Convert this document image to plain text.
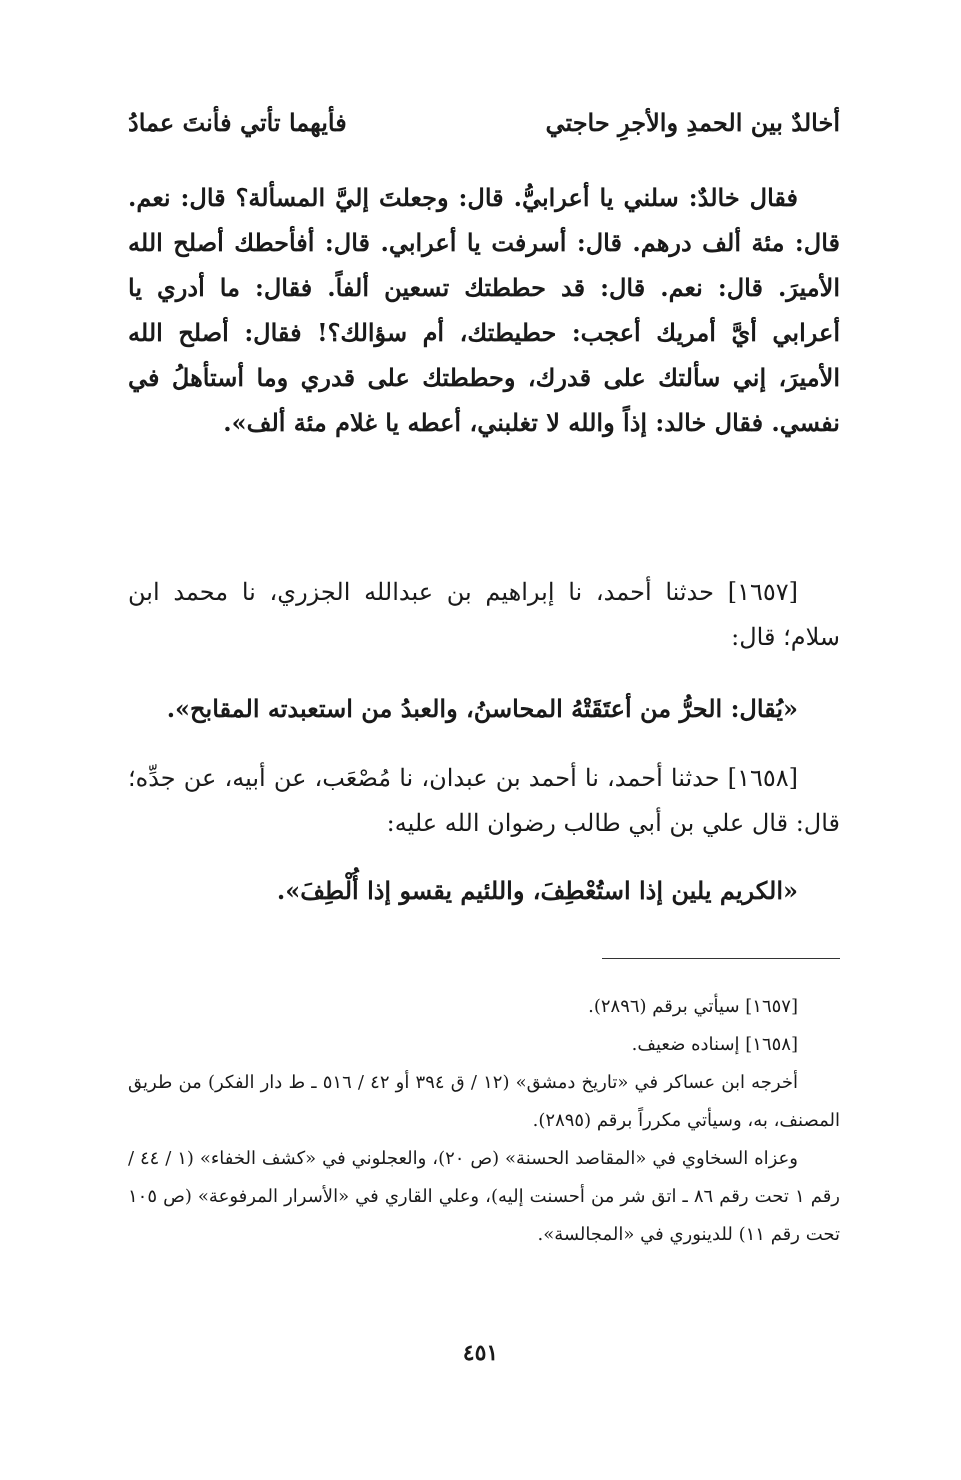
أخالدٌ بين الحمدِ والأجرِ حاجتي
فأيهما تأتي فأنتَ عمادُ

فقال خالدٌ: سلني يا أعرابيُّ. قال: وجعلتَ إليَّ المسألة؟ قال: نعم. قال: مئة ألف درهم. قال: أسرفت يا أعرابي. قال: أفأحطك أصلح الله الأميرَ. قال: نعم. قال: قد حططتك تسعين ألفاً. فقال: ما أدري يا أعرابي أيَّ أمريك أعجب: حطيطتك، أم سؤالك؟! فقال: أصلح الله الأميرَ، إني سألتك على قدرك، وحططتك على قدري وما أستأهلُ في نفسي. فقال خالد: إذاً والله لا تغلبني، أعطه يا غلام مئة ألف».

[١٦٥٧] حدثنا أحمد، نا إبراهيم بن عبدالله الجزري، نا محمد ابن سلام؛ قال:

«يُقال: الحرُّ من أعتَقَتْهُ المحاسنُ، والعبدُ من استعبدته المقابح».

[١٦٥٨] حدثنا أحمد، نا أحمد بن عبدان، نا مُصْعَب، عن أبيه، عن جدِّه؛ قال: قال علي بن أبي طالب رضوان الله عليه:

«الكريم يلين إذا استُعْطِفَ، واللئيم يقسو إذا أُلْطِفَ».

[١٦٥٧] سيأتي برقم (٢٨٩٦).

[١٦٥٨] إسناده ضعيف.

أخرجه ابن عساكر في «تاريخ دمشق» (١٢ / ق ٣٩٤ أو ٤٢ / ٥١٦ ـ ط دار الفكر) من طريق المصنف، به، وسيأتي مكرراً برقم (٢٨٩٥).

وعزاه السخاوي في «المقاصد الحسنة» (ص ٢٠)، والعجلوني في «كشف الخفاء» (١ / ٤٤ / رقم ١ تحت رقم ٨٦ ـ اتق شر من أحسنت إليه)، وعلي القاري في «الأسرار المرفوعة» (ص ١٠٥ تحت رقم ١١) للدينوري في «المجالسة».

٤٥١
